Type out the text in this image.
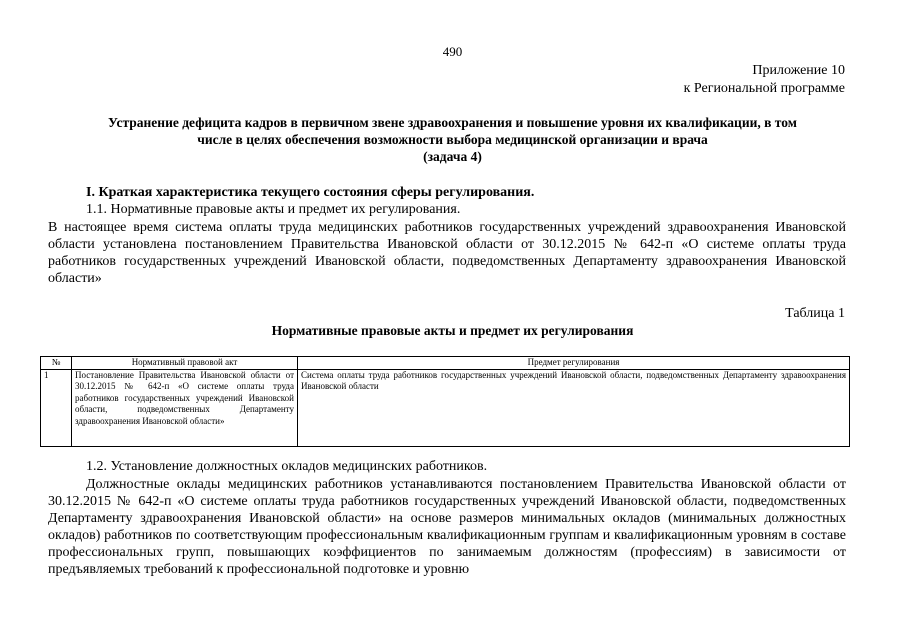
490
Приложение 10
к Региональной программе
Устранение дефицита кадров в первичном звене здравоохранения и повышение уровня их квалификации, в том
числе в целях обеспечения возможности выбора медицинской организации и врача
(задача 4)
I. Краткая характеристика текущего состояния сферы регулирования.
1.1. Нормативные правовые акты и предмет их регулирования.
В настоящее время система оплаты труда медицинских работников государственных учреждений здравоохранения Ивановской области установлена постановлением Правительства Ивановской области от 30.12.2015 № 642-п «О системе оплаты труда работников государственных учреждений Ивановской области, подведомственных Департаменту здравоохранения Ивановской области»
Таблица 1
Нормативные правовые акты и предмет их регулирования
№	Нормативный правовой акт	Предмет регулирования
1	Постановление Правительства Ивановской области от 30.12.2015 № 642-п «О системе оплаты труда работников государственных учреждений Ивановской области, подведомственных Департаменту здравоохранения Ивановской области»	Система оплаты труда работников государственных учреждений Ивановской области, подведомственных Департаменту здравоохранения Ивановской области
1.2. Установление должностных окладов медицинских работников.
Должностные оклады медицинских работников устанавливаются постановлением Правительства Ивановской области от 30.12.2015 № 642-п «О системе оплаты труда работников государственных учреждений Ивановской области, подведомственных Департаменту здравоохранения Ивановской области» на основе размеров минимальных окладов (минимальных должностных окладов) работников по соответствующим профессиональным квалификационным группам и квалификационным уровням в составе профессиональных групп, повышающих коэффициентов по занимаемым должностям (профессиям) в зависимости от предъявляемых требований к профессиональной подготовке и уровню
